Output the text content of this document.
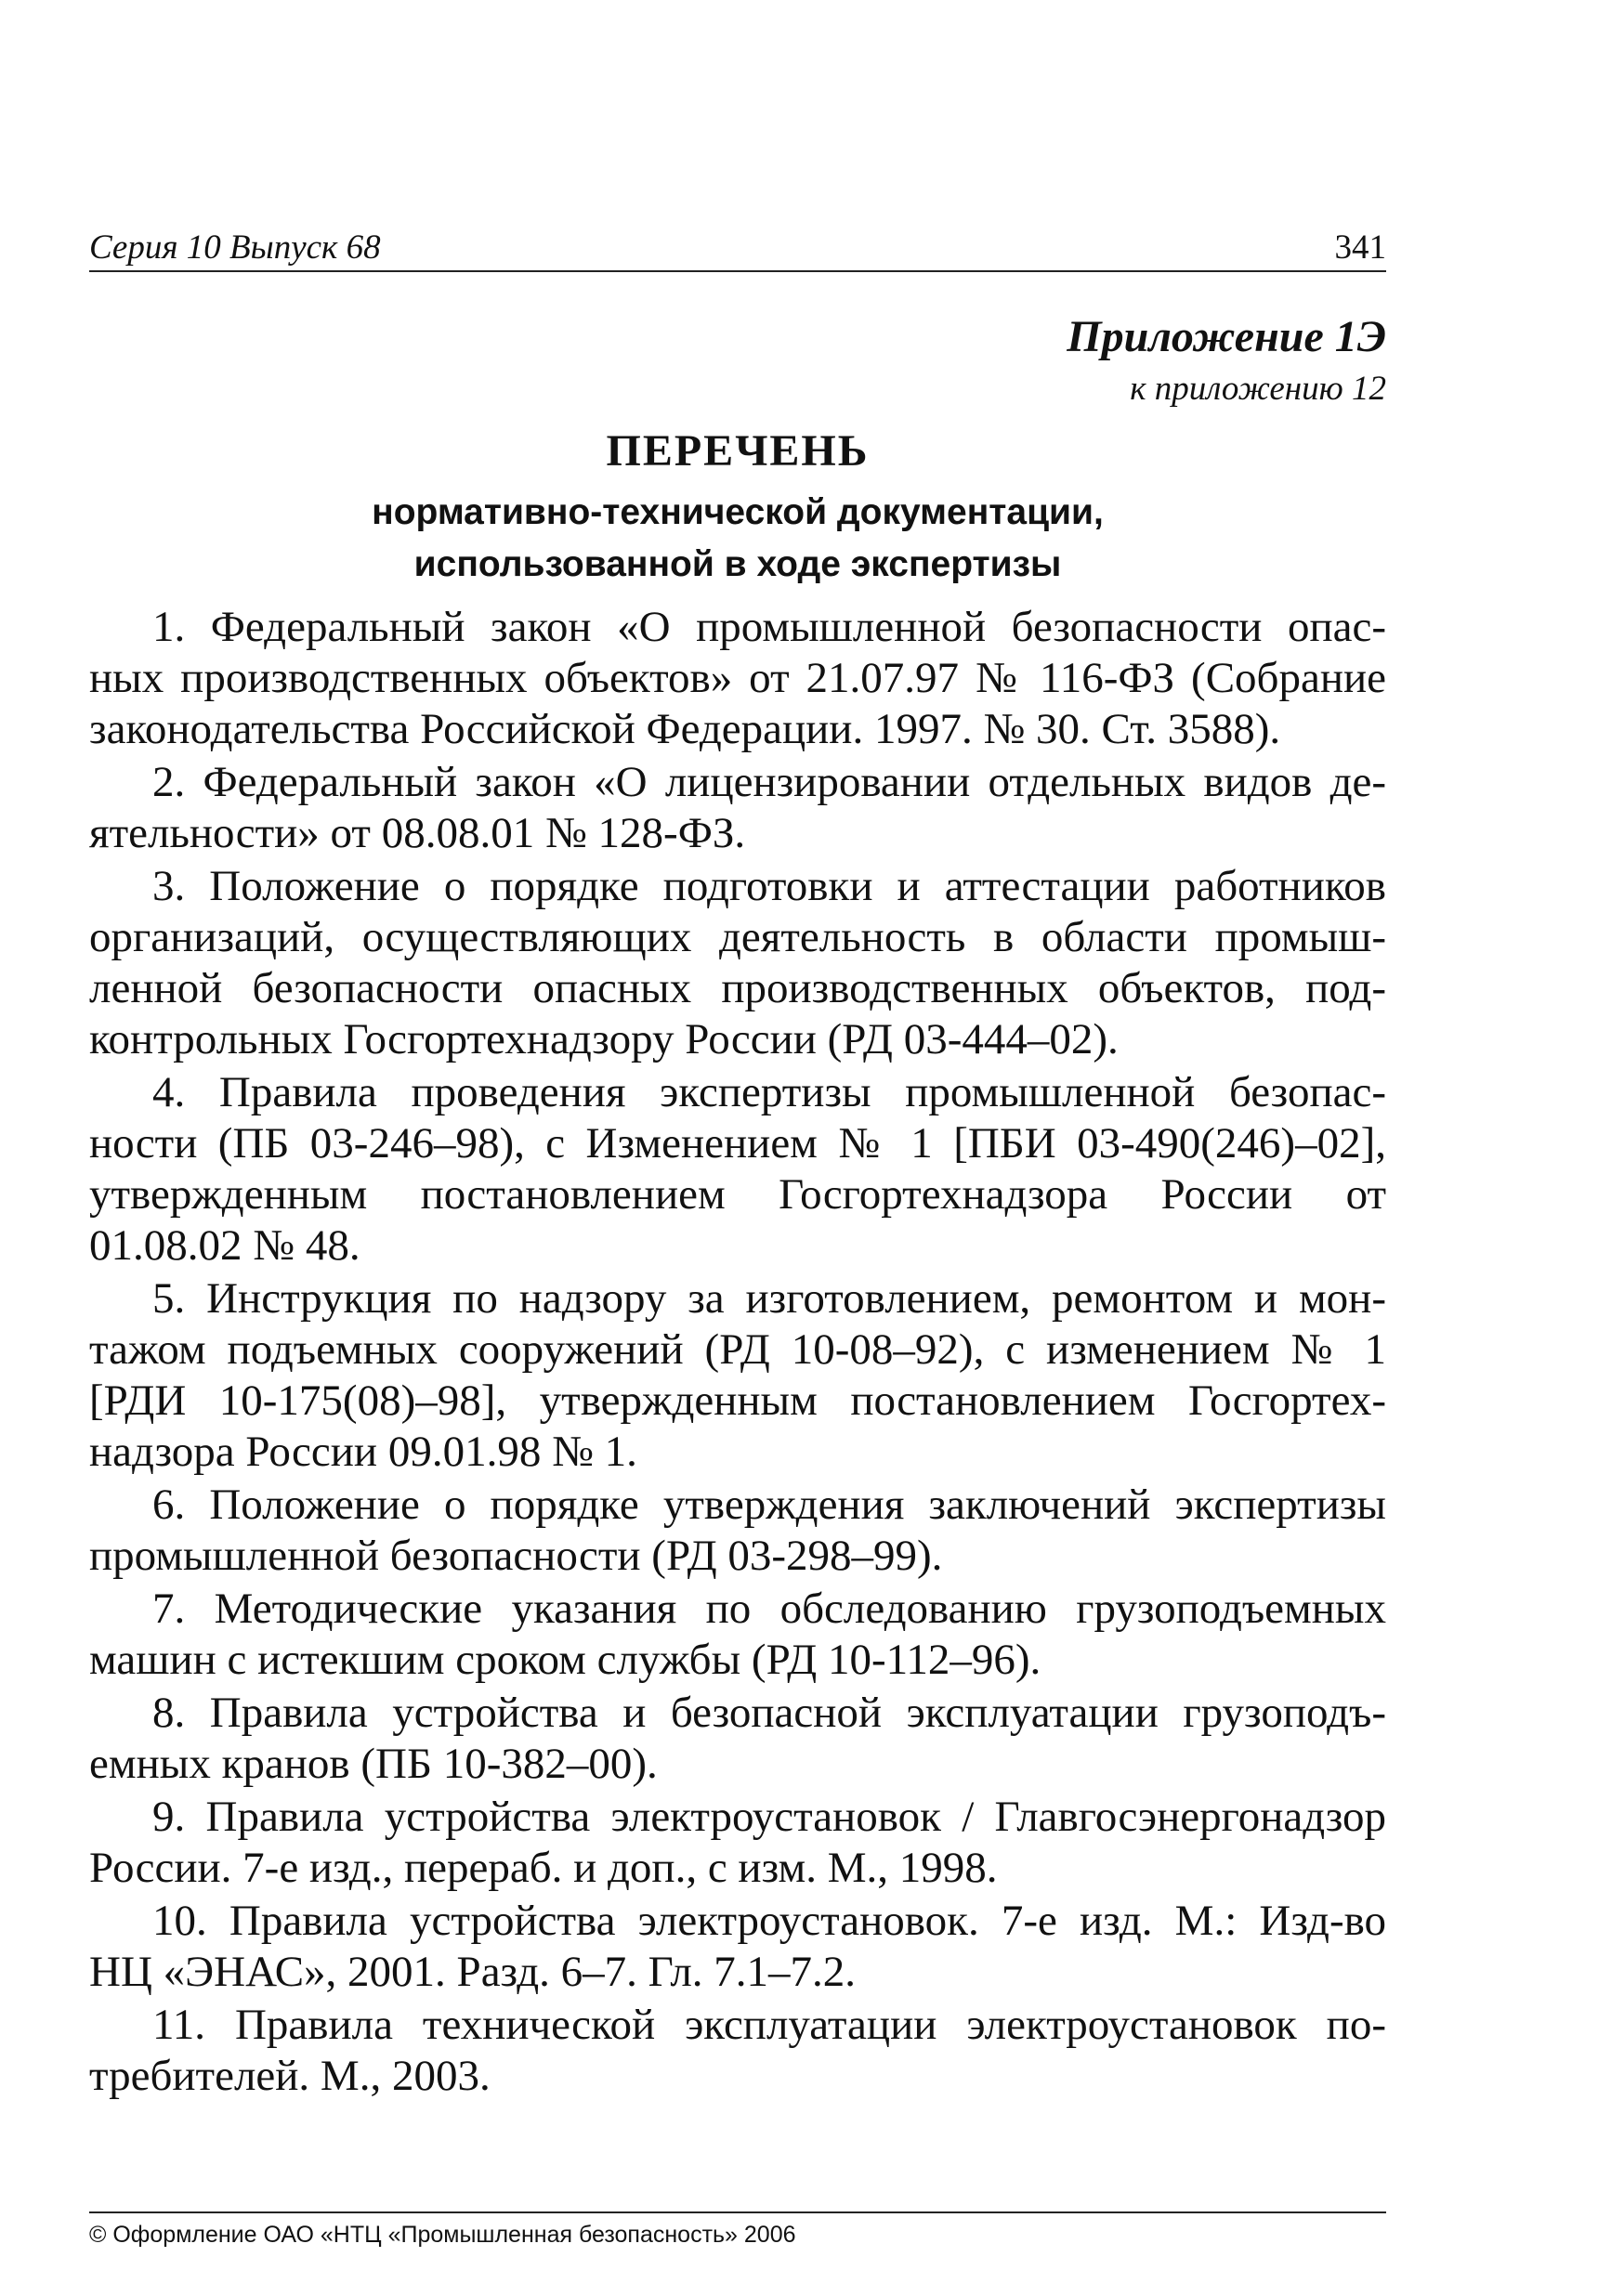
Серия 10 Выпуск 68	341
Приложение 1Э
к приложению 12
ПЕРЕЧЕНЬ
нормативно-технической документации,
использованной в ходе экспертизы
1. Федеральный закон «О промышленной безопасности опас-
ных производственных объектов» от 21.07.97 № 116-ФЗ (Собрание
законодательства Российской Федерации. 1997. № 30. Ст. 3588).
2. Федеральный закон «О лицензировании отдельных видов де-
ятельности» от 08.08.01 № 128-ФЗ.
3. Положение о порядке подготовки и аттестации работников
организаций, осуществляющих деятельность в области промыш-
ленной безопасности опасных производственных объектов, под-
контрольных Госгортехнадзору России (РД 03-444–02).
4. Правила проведения экспертизы промышленной безопас-
ности (ПБ 03-246–98), с Изменением № 1 [ПБИ 03-490(246)–02],
утвержденным постановлением Госгортехнадзора России от
01.08.02 № 48.
5. Инструкция по надзору за изготовлением, ремонтом и мон-
тажом подъемных сооружений (РД 10-08–92), с изменением № 1
[РДИ 10-175(08)–98], утвержденным постановлением Госгортех-
надзора России 09.01.98 № 1.
6. Положение о порядке утверждения заключений экспертизы
промышленной безопасности (РД 03-298–99).
7. Методические указания по обследованию грузоподъемных
машин с истекшим сроком службы (РД 10-112–96).
8. Правила устройства и безопасной эксплуатации грузоподъ-
емных кранов (ПБ 10-382–00).
9. Правила устройства электроустановок / Главгосэнергонадзор
России. 7-е изд., перераб. и доп., с изм. М., 1998.
10. Правила устройства электроустановок. 7-е изд. М.: Изд-во
НЦ «ЭНАС», 2001. Разд. 6–7. Гл. 7.1–7.2.
11. Правила технической эксплуатации электроустановок по-
требителей. М., 2003.
© Оформление ОАО «НТЦ «Промышленная безопасность» 2006
